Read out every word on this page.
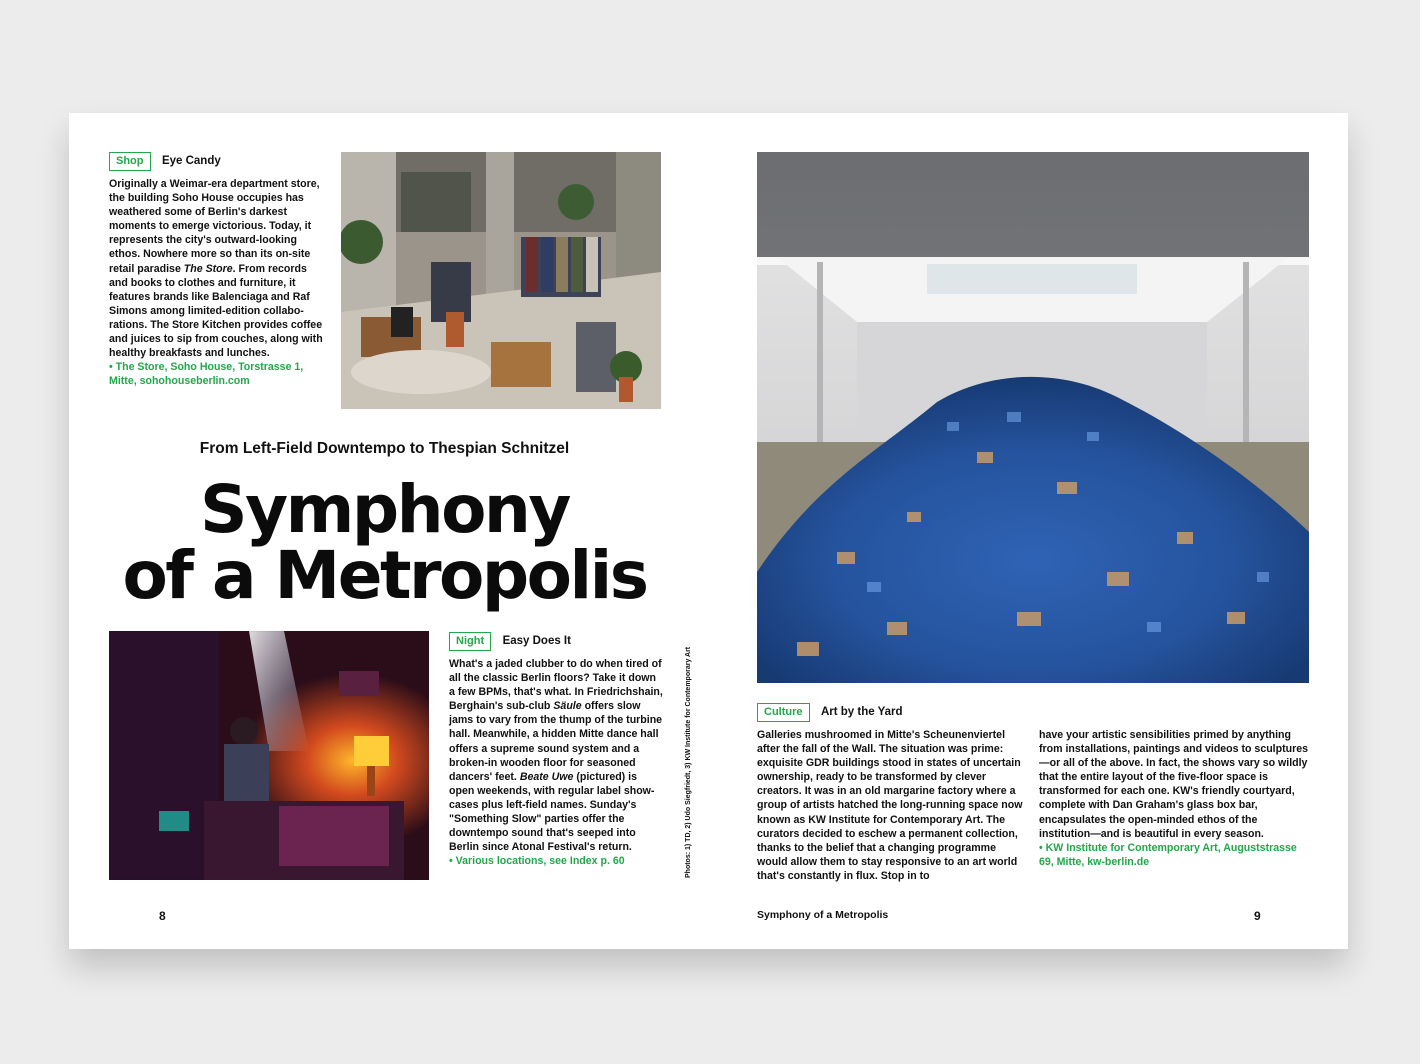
Shop Eye Candy

Originally a Weimar-era department store, the building Soho House occupies has weathered some of Berlin's darkest moments to emerge victorious. Today, it represents the city's outward-looking ethos. Nowhere more so than its on-site retail paradise The Store. From records and books to clothes and furniture, it features brands like Balenciaga and Raf Simons among limited-edition collaborations. The Store Kitchen provides coffee and juices to sip from couches, along with healthy breakfasts and lunches.

• The Store, Soho House, Torstrasse 1, Mitte, sohohouseberlin.com
From Left-Field Downtempo to Thespian Schnitzel
Symphony
of a Metropolis
Night Easy Does It

What's a jaded clubber to do when tired of all the classic Berlin floors? Take it down a few BPMs, that's what. In Friedrichshain, Berghain's sub-club Säule offers slow jams to vary from the thump of the turbine hall. Meanwhile, a hidden Mitte dance hall offers a supreme sound system and a broken-in wooden floor for seasoned dancers' feet. Beate Uwe (pictured) is open weekends, with regular label showcases plus left-field names. Sunday's "Something Slow" parties offer the downtempo sound that's seeped into Berlin since Atonal Festival's return.

• Various locations, see Index p. 60	Photos: 1) TD, 2) Udo Siegfriedt, 3) KW Institute for Contemporary Art
8
Culture Art by the Yard

Galleries mushroomed in Mitte's Scheunenviertel after the fall of the Wall. The situation was prime: exquisite GDR buildings stood in states of uncertain ownership, ready to be transformed by clever creators. It was in an old margarine factory where a group of artists hatched the long-running space now known as KW Institute for Contemporary Art. The curators decided to eschew a permanent collection, thanks to the belief that a changing programme would allow them to stay responsive to an art world that's constantly in flux. Stop in to

have your artistic sensibilities primed by anything from installations, paintings and videos to sculptures—or all of the above. In fact, the shows vary so wildly that the entire layout of the five-floor space is transformed for each one. KW's friendly courtyard, complete with Dan Graham's glass box bar, encapsulates the open-minded ethos of the institution—and is beautiful in every season.

• KW Institute for Contemporary Art, Auguststrasse 69, Mitte, kw-berlin.de
Symphony of a Metropolis	9
